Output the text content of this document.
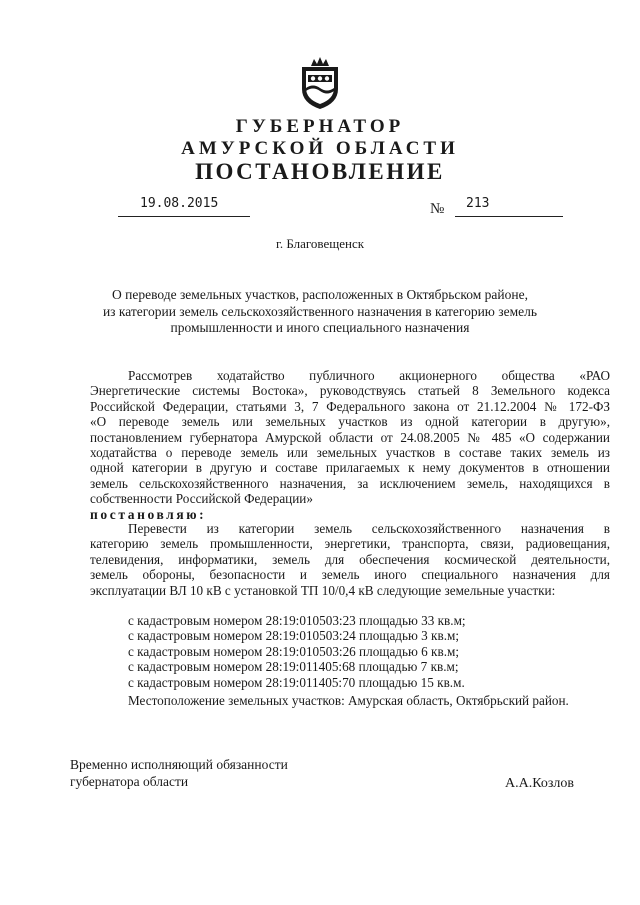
ГУБЕРНАТОР
АМУРСКОЙ ОБЛАСТИ
ПОСТАНОВЛЕНИЕ
19.08.2015	№ 213
г. Благовещенск
О переводе земельных участков, расположенных в Октябрьском районе,
из категории земель сельскохозяйственного назначения в категорию земель
промышленности и иного специального назначения
Рассмотрев ходатайство публичного акционерного общества «РАО
Энергетические системы Востока», руководствуясь статьей 8 Земельного кодекса
Российской Федерации, статьями 3, 7 Федерального закона от 21.12.2004 № 172-ФЗ
«О переводе земель или земельных участков из одной категории в другую»,
постановлением губернатора Амурской области от 24.08.2005 № 485 «О содержании
ходатайства о переводе земель или земельных участков в составе таких земель из
одной категории в другую и составе прилагаемых к нему документов в отношении
земель сельскохозяйственного назначения, за исключением земель, находящихся в
собственности Российской Федерации»
постановляю:
Перевести из категории земель сельскохозяйственного назначения в
категорию земель промышленности, энергетики, транспорта, связи, радиовещания,
телевидения, информатики, земель для обеспечения космической деятельности,
земель обороны, безопасности и земель иного специального назначения для
эксплуатации ВЛ 10 кВ с установкой ТП 10/0,4 кВ следующие земельные участки:
с кадастровым номером 28:19:010503:23 площадью 33 кв.м;
с кадастровым номером 28:19:010503:24 площадью 3 кв.м;
с кадастровым номером 28:19:010503:26 площадью 6 кв.м;
с кадастровым номером 28:19:011405:68 площадью 7 кв.м;
с кадастровым номером 28:19:011405:70 площадью 15 кв.м.
Местоположение земельных участков: Амурская область, Октябрьский район.
Временно исполняющий обязанности
губернатора области	А.А.Козлов
